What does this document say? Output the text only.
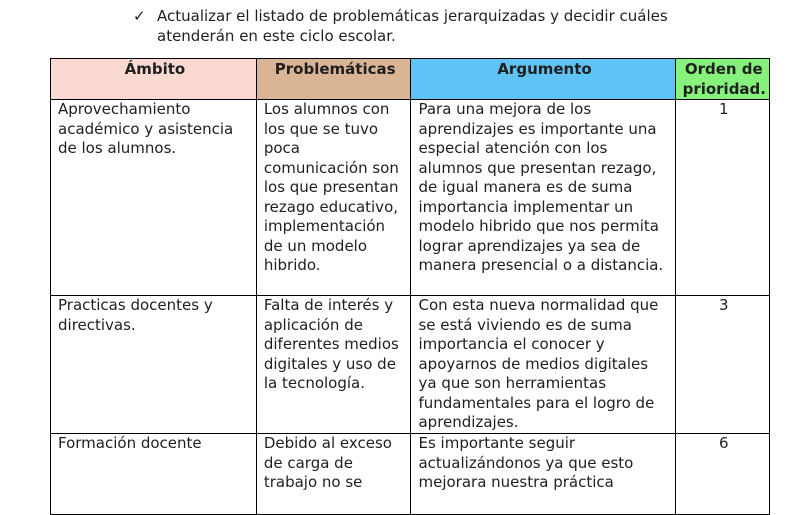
✓ Actualizar el listado de problemáticas jerarquizadas y decidir cuáles atenderán en este ciclo escolar.
Ámbito	Problemáticas	Argumento	Orden de prioridad.
Aprovechamiento académico y asistencia de los alumnos.	Los alumnos con los que se tuvo poca comunicación son los que presentan rezago educativo, implementación de un modelo hibrido.	Para una mejora de los aprendizajes es importante una especial atención con los alumnos que presentan rezago, de igual manera es de suma importancia implementar un modelo hibrido que nos permita lograr aprendizajes ya sea de manera presencial o a distancia.	1
Practicas docentes y directivas.	Falta de interés y aplicación de diferentes medios digitales y uso de la tecnología.	Con esta nueva normalidad que se está viviendo es de suma importancia el conocer y apoyarnos de medios digitales ya que son herramientas fundamentales para el logro de aprendizajes.	3
Formación docente	Debido al exceso de carga de trabajo no se	Es importante seguir actualizándonos ya que esto mejorara nuestra práctica	6
